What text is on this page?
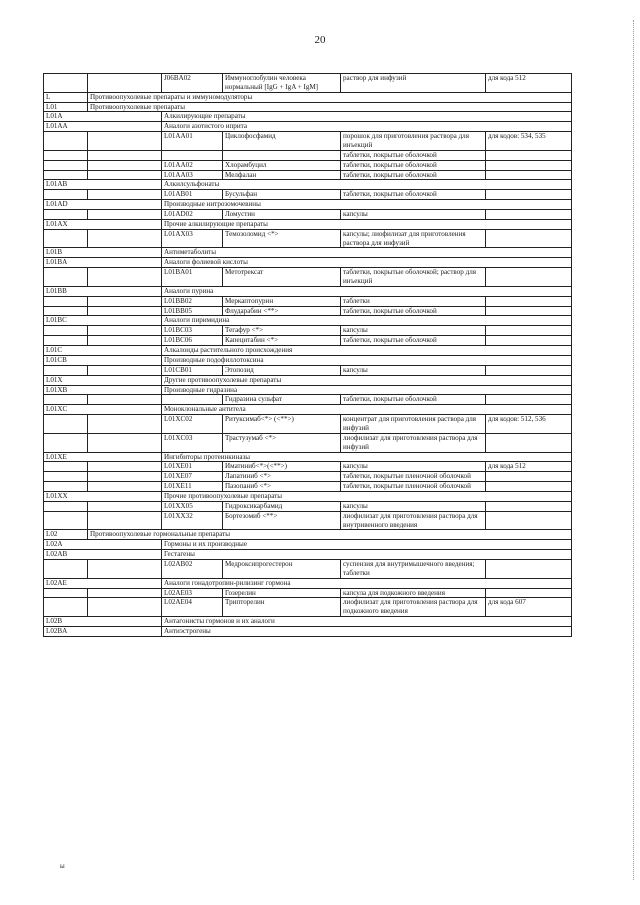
20
		J06BA02	Иммуноглобулин человека нормальный [IgG + IgA + IgM]	раствор для инфузий	для кода 512
L	Противоопухолевые препараты и иммуномодуляторы				
L01	Противоопухолевые препараты				
L01A		Алкилирующие препараты			
L01AA		Аналоги азотистого иприта			
		L01AA01	Циклофосфамид	порошок для приготовления раствора для инъекций	для кодов: 534, 535
				таблетки, покрытые оболочкой	
		L01AA02	Хлорамбуцил	таблетки, покрытые оболочкой	
		L01AA03	Мелфалан	таблетки, покрытые оболочкой	
L01AB		Алкилсульфонаты			
		L01AB01	Бусульфан	таблетки, покрытые оболочкой	
L01AD		Производные нитрозомочевины			
		L01AD02	Ломустин	капсулы	
L01AX		Прочие алкилирующие препараты			
		L01AX03	Темозоломид <*>	капсулы; лиофилизат для приготовления раствора для инфузий	
L01B		Антиметаболиты			
L01BA		Аналоги фолиевой кислоты			
		L01BA01	Метотрексат	таблетки, покрытые оболочкой; раствор для инъекций	
L01BB		Аналоги пурина			
		L01BB02	Меркаптопурин	таблетки	
		L01BB05	Флударабин <**>	таблетки, покрытые оболочкой	
L01BC		Аналоги пиримидина			
		L01BC03	Тегафур <*>	капсулы	
		L01BC06	Капецитабин <*>	таблетки, покрытые оболочкой	
L01C		Алкалоиды растительного происхождения			
L01CB		Производные подофиллотоксина			
		L01CB01	Этопозид	капсулы	
L01X		Другие противоопухолевые препараты			
L01XB		Производные гидразина			
			Гидразина сульфат	таблетки, покрытые оболочкой	
L01XC		Моноклональные антитела			
		L01XC02	Ритуксимаб<*> (<**>)	концентрат для приготовления раствора для инфузий	для кодов: 512, 536
		L01XC03	Трастузумаб <*>	лиофилизат для приготовления раствора для инфузий	
L01XE		Ингибиторы протеинкиназы			
		L01XE01	Иматиниб<*>(<**>)	капсулы	для кода 512
		L01XE07	Лапатиниб <*>	таблетки, покрытые пленочной оболочкой	
		L01XE11	Пазопаниб <*>	таблетки, покрытые пленочной оболочкой	
L01XX		Прочие противоопухолевые препараты			
		L01XX05	Гидроксикарбамид	капсулы	
		L01XX32	Бортезомиб <**>	лиофилизат для приготовления раствора для внутривенного введения	
L02	Противоопухолевые гормональные препараты				
L02A		Гормоны и их производные			
L02AB		Гестагены			
		L02AB02	Медроксипрогестерон	суспензия для внутримышечного введения; таблетки	
L02AE		Аналоги гонадотропин-рилизинг гормона			
		L02AE03	Гозерелин	капсула для подкожного введения	
		L02AE04	Трипторелин	лиофилизат для приготовления раствора для подкожного введения	для кода 607
L02B		Антагонисты гормонов и их аналоги			
L02BA		Антиэстрогены			
ы
